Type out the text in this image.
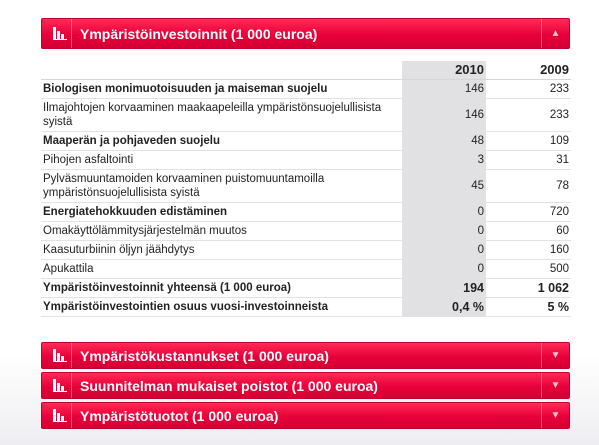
Ympäristöinvestoinnit (1 000 euroa)	▲
	2010	2009
Biologisen monimuotoisuuden ja maiseman suojelu	146	233
Ilmajohtojen korvaaminen maakaapeleilla ympäristönsuojelullisista syistä	146	233
Maaperän ja pohjaveden suojelu	48	109
Pihojen asfaltointi	3	31
Pylväsmuuntamoiden korvaaminen puistomuuntamoilla ympäristönsuojelullisista syistä	45	78
Energiatehokkuuden edistäminen	0	720
Omakäyttölämmitysjärjestelmän muutos	0	60
Kaasuturbiinin öljyn jäähdytys	0	160
Apukattila	0	500
Ympäristöinvestoinnit yhteensä (1 000 euroa)	194	1 062
Ympäristöinvestointien osuus vuosi-investoinneista	0,4 %	5 %
Ympäristökustannukset (1 000 euroa)	▼
Suunnitelman mukaiset poistot (1 000 euroa)	▼
Ympäristötuotot (1 000 euroa)	▼
